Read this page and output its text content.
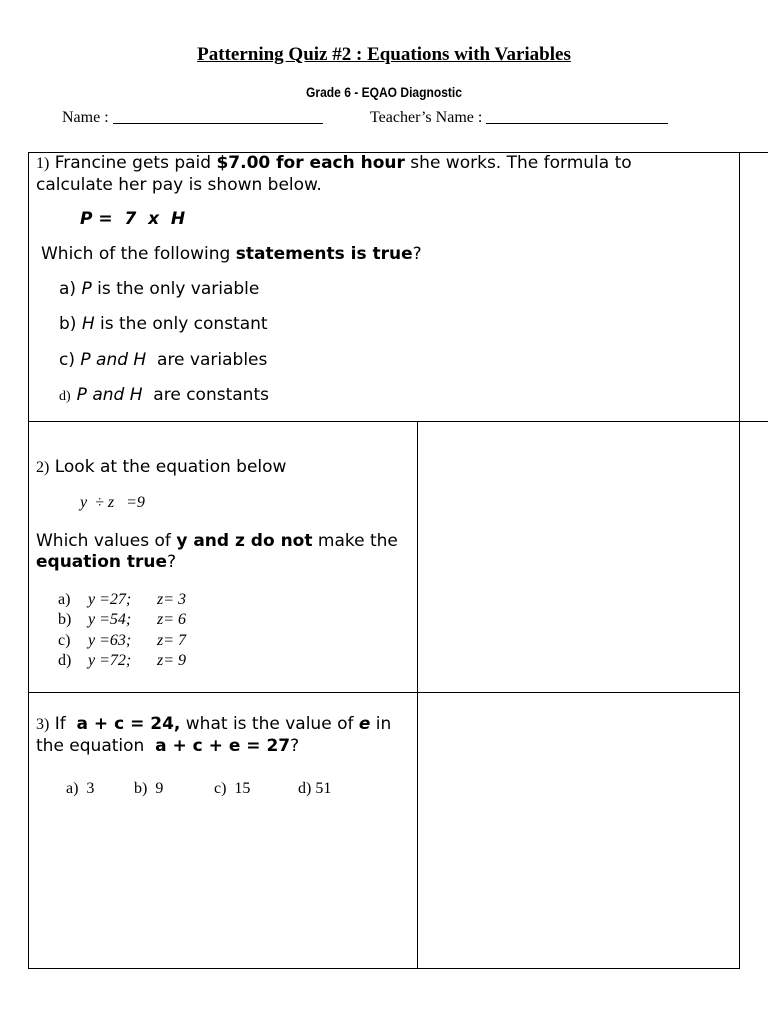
Patterning Quiz #2 : Equations with Variables
Grade 6 - EQAO Diagnostic
Name :	Teacher’s Name :
1) Francine gets paid $7.00 for each hour she works. The formula to
calculate her pay is shown below.
P =  7  x  H
Which of the following statements is true?
a) P is the only variable
b) H is the only constant
c) P and H  are variables
d) P and H  are constants
2) Look at the equation below
y  ÷ z   =9
Which values of y and z do not make the
equation true?
a) y =27; z= 3
b) y =54; z= 6
c) y =63; z= 7
d) y =72; z= 9
3) If  a + c = 24, what is the value of e in
the equation  a + c + e = 27?
a)  3 b)  9	c)  15	d) 51
